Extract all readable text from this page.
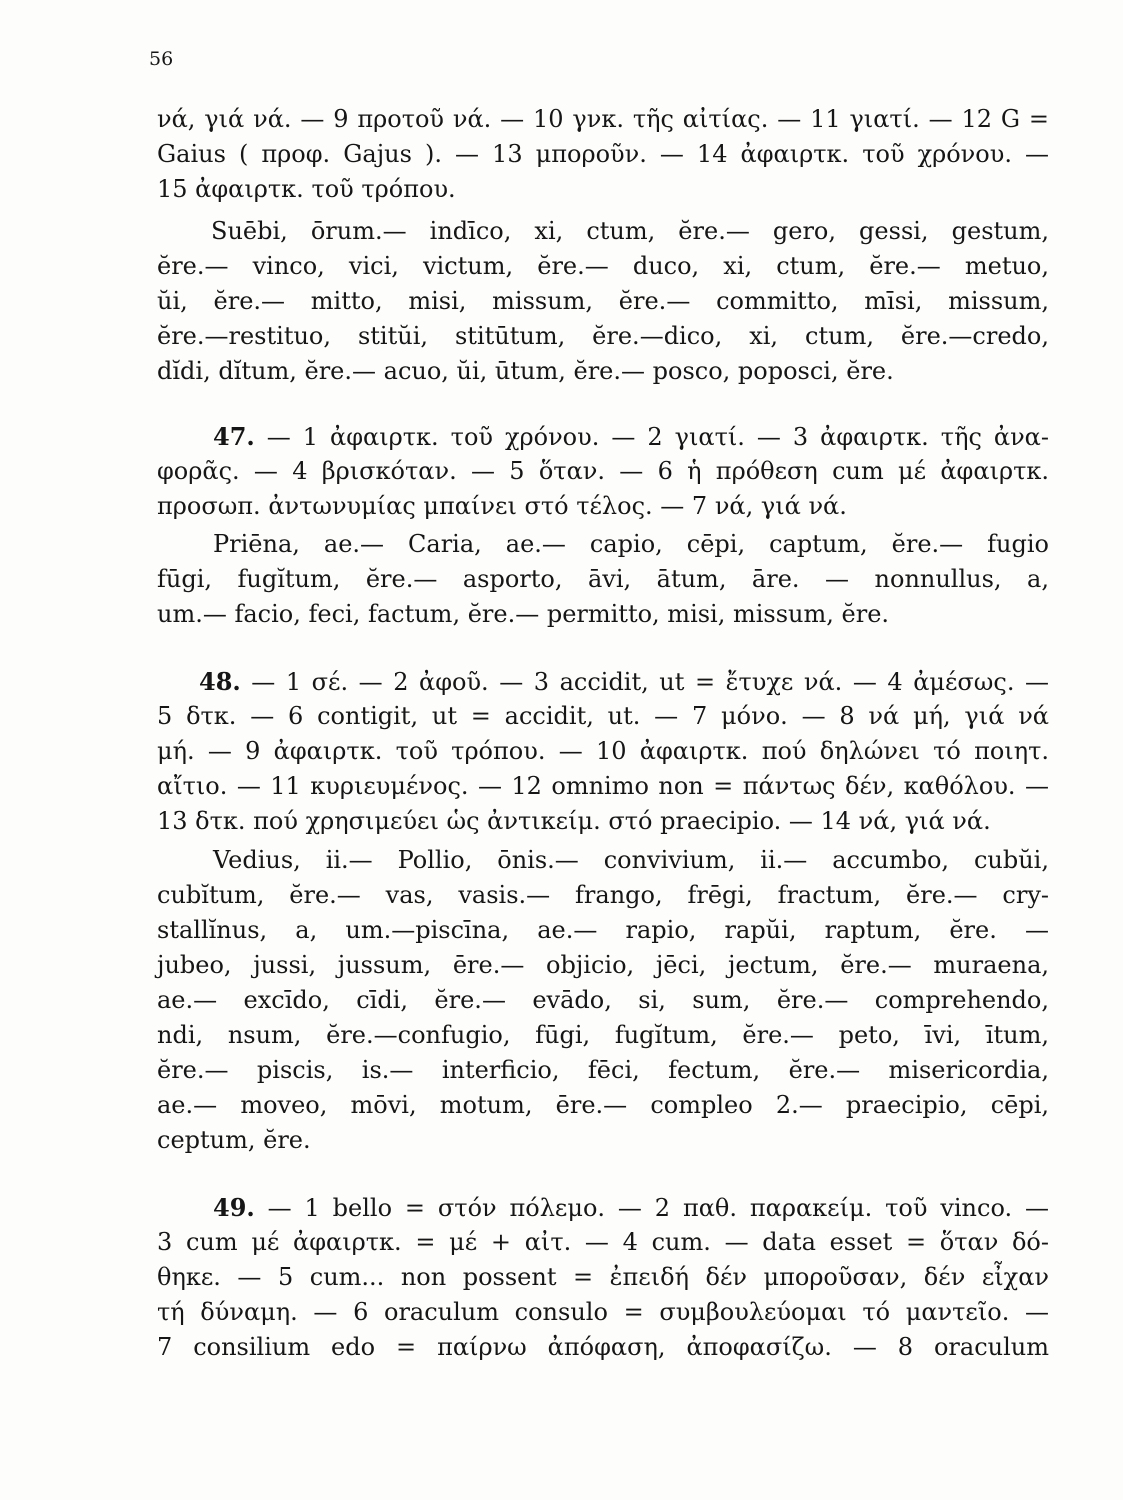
56
νά, γιά νά. — 9 προτοῦ νά. — 10 γνκ. τῆς αἰτίας. — 11 γιατί. — 12 G =
Gaius ( προφ. Gajus ). — 13 μποροῦν. — 14 ἀφαιρτκ. τοῦ χρόνου. —
15 ἀφαιρτκ. τοῦ τρόπου.
Suēbi, ōrum.— indīco, xi, ctum, ĕre.— gero, gessi, gestum,
ĕre.— vinco, vici, victum, ĕre.— duco, xi, ctum, ĕre.— metuo,
ŭi, ĕre.— mitto, misi, missum, ĕre.— committo, mīsi, missum,
ĕre.—restituo, stitŭi, stitūtum, ĕre.—dico, xi, ctum, ĕre.—credo,
dĭdi, dĭtum, ĕre.— acuo, ŭi, ūtum, ĕre.— posco, poposci, ĕre.
47. — 1 ἀφαιρτκ. τοῦ χρόνου. — 2 γιατί. — 3 ἀφαιρτκ. τῆς ἀνα-
φορᾶς. — 4 βρισκόταν. — 5 ὅταν. — 6 ἡ πρόθεση cum μέ ἀφαιρτκ.
προσωπ. ἀντωνυμίας μπαίνει στό τέλος. — 7 νά, γιά νά.
Priēna, ae.— Caria, ae.— capio, cēpi, captum, ĕre.— fugio
fūgi, fugĭtum, ĕre.— asporto, āvi, ātum, āre. — nonnullus, a,
um.— facio, feci, factum, ĕre.— permitto, misi, missum, ĕre.
48. — 1 σέ. — 2 ἀφοῦ. — 3 accidit, ut = ἔτυχε νά. — 4 ἀμέσως. —
5 δτκ. — 6 contigit, ut = accidit, ut. — 7 μόνο. — 8 νά μή, γιά νά
μή. — 9 ἀφαιρτκ. τοῦ τρόπου. — 10 ἀφαιρτκ. πού δηλώνει τό ποιητ.
αἴτιο. — 11 κυριευμένος. — 12 omnimo non = πάντως δέν, καθόλου. —
13 δτκ. πού χρησιμεύει ὡς ἀντικείμ. στό praecipio. — 14 νά, γιά νά.
Vedius, ii.— Pollio, ōnis.— convivium, ii.— accumbo, cubŭi,
cubĭtum, ĕre.— vas, vasis.— frango, frēgi, fractum, ĕre.— cry-
stallĭnus, a, um.—piscīna, ae.— rapio, rapŭi, raptum, ĕre. —
jubeo, jussi, jussum, ēre.— objicio, jēci, jectum, ĕre.— muraena,
ae.— excīdo, cīdi, ĕre.— evādo, si, sum, ĕre.— comprehendo,
ndi, nsum, ĕre.—confugio, fūgi, fugĭtum, ĕre.— peto, īvi, ītum,
ĕre.— piscis, is.— interficio, fēci, fectum, ĕre.— misericordia,
ae.— moveo, mōvi, motum, ēre.— compleo 2.— praecipio, cēpi,
ceptum, ĕre.
49. — 1 bello = στόν πόλεμο. — 2 παθ. παρακείμ. τοῦ vinco. —
3 cum μέ ἀφαιρτκ. = μέ + αἰτ. — 4 cum. — data esset = ὅταν δό-
θηκε. — 5 cum... non possent = ἐπειδή δέν μποροῦσαν, δέν εἶχαν
τή δύναμη. — 6 oraculum consulo = συμβουλεύομαι τό μαντεῖο. —
7 consilium edo = παίρνω ἀπόφαση, ἀποφασίζω. — 8 oraculum
